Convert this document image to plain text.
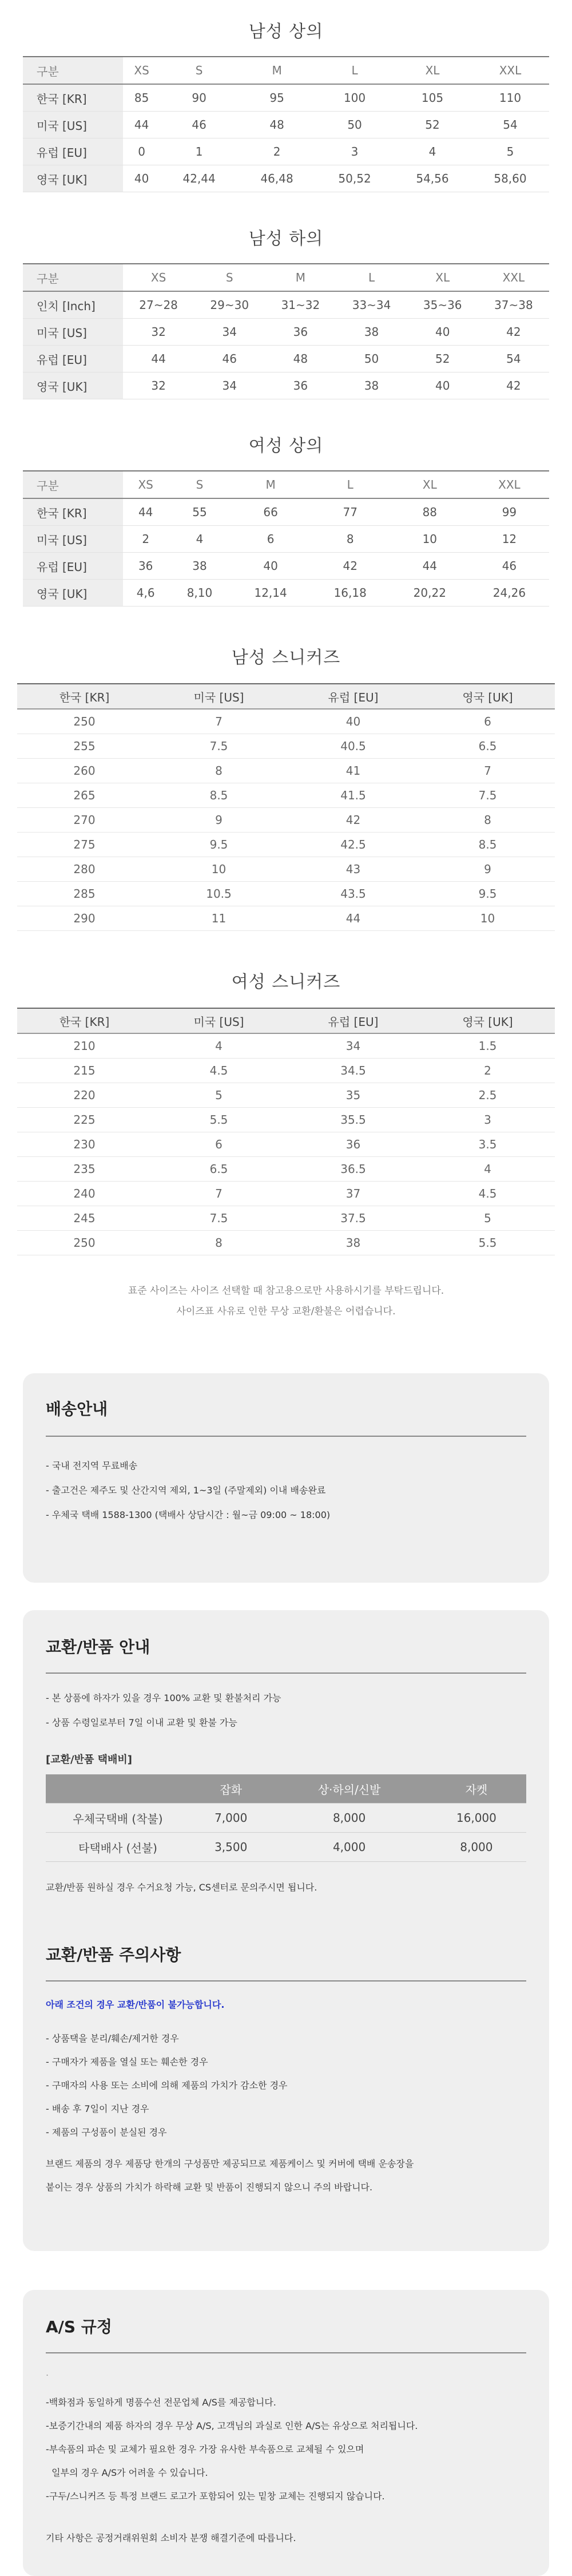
남성 상의
구분	XS	S	M	L	XL	XXL
한국 [KR]	85	90	95	100	105	110
미국 [US]	44	46	48	50	52	54
유럽 [EU]	0	1	2	3	4	5
영국 [UK]	40	42,44	46,48	50,52	54,56	58,60
남성 하의
구분	XS	S	M	L	XL	XXL
인치 [Inch]	27~28	29~30	31~32	33~34	35~36	37~38
미국 [US]	32	34	36	38	40	42
유럽 [EU]	44	46	48	50	52	54
영국 [UK]	32	34	36	38	40	42
여성 상의
구분	XS	S	M	L	XL	XXL
한국 [KR]	44	55	66	77	88	99
미국 [US]	2	4	6	8	10	12
유럽 [EU]	36	38	40	42	44	46
영국 [UK]	4,6	8,10	12,14	16,18	20,22	24,26
남성 스니커즈
한국 [KR]	미국 [US]	유럽 [EU]	영국 [UK]
250	7	40	6
255	7.5	40.5	6.5
260	8	41	7
265	8.5	41.5	7.5
270	9	42	8
275	9.5	42.5	8.5
280	10	43	9
285	10.5	43.5	9.5
290	11	44	10
여성 스니커즈
한국 [KR]	미국 [US]	유럽 [EU]	영국 [UK]
210	4	34	1.5
215	4.5	34.5	2
220	5	35	2.5
225	5.5	35.5	3
230	6	36	3.5
235	6.5	36.5	4
240	7	37	4.5
245	7.5	37.5	5
250	8	38	5.5
표준 사이즈는 사이즈 선택할 때 참고용으로만 사용하시기를 부탁드립니다.
사이즈표 사유로 인한 무상 교환/환불은 어렵습니다.
배송안내

- 국내 전지역 무료배송

- 출고건은 제주도 및 산간지역 제외, 1~3일 (주말제외) 이내 배송완료

- 우체국 택배 1588-1300 (택배사 상담시간 : 월~금 09:00 ~ 18:00)

교환/반품 안내

- 본 상품에 하자가 있을 경우 100% 교환 및 환불처리 가능

- 상품 수령일로부터 7일 이내 교환 및 환불 가능

[교환/반품 택배비]

	잡화	상·하의/신발	자켓
우체국택배 (착불)	7,000	8,000	16,000
타택배사 (선불)	3,500	4,000	8,000

교환/반품 원하실 경우 수거요청 가능, CS센터로 문의주시면 됩니다.

교환/반품 주의사항

아래 조건의 경우 교환/반품이 불가능합니다.

- 상품택을 분리/훼손/제거한 경우

- 구매자가 제품을 열실 또는 훼손한 경우

- 구매자의 사용 또는 소비에 의해 제품의 가치가 감소한 경우

- 배송 후 7일이 지난 경우

- 제품의 구성품이 분실된 경우

브랜드 제품의 경우 제품당 한개의 구성품만 제공되므로 제품케이스 및 커버에 택배 운송장을

붙이는 경우 상품의 가치가 하락해 교환 및 반품이 진행되지 않으니 주의 바랍니다.

A/S 규정

.

-백화점과 동일하게 명품수선 전문업체 A/S를 제공합니다.

-보증기간내의 제품 하자의 경우 무상 A/S, 고객님의 과실로 인한 A/S는 유상으로 처리됩니다.

-부속품의 파손 및 교체가 필요한 경우 가장 유사한 부속품으로 교체될 수 있으며

일부의 경우 A/S가 어려울 수 있습니다.

-구두/스니커즈 등 특정 브랜드 로고가 포함되어 있는 밑창 교체는 진행되지 않습니다.

기타 사항은 공정거래위원회 소비자 분쟁 해결기준에 따릅니다.
